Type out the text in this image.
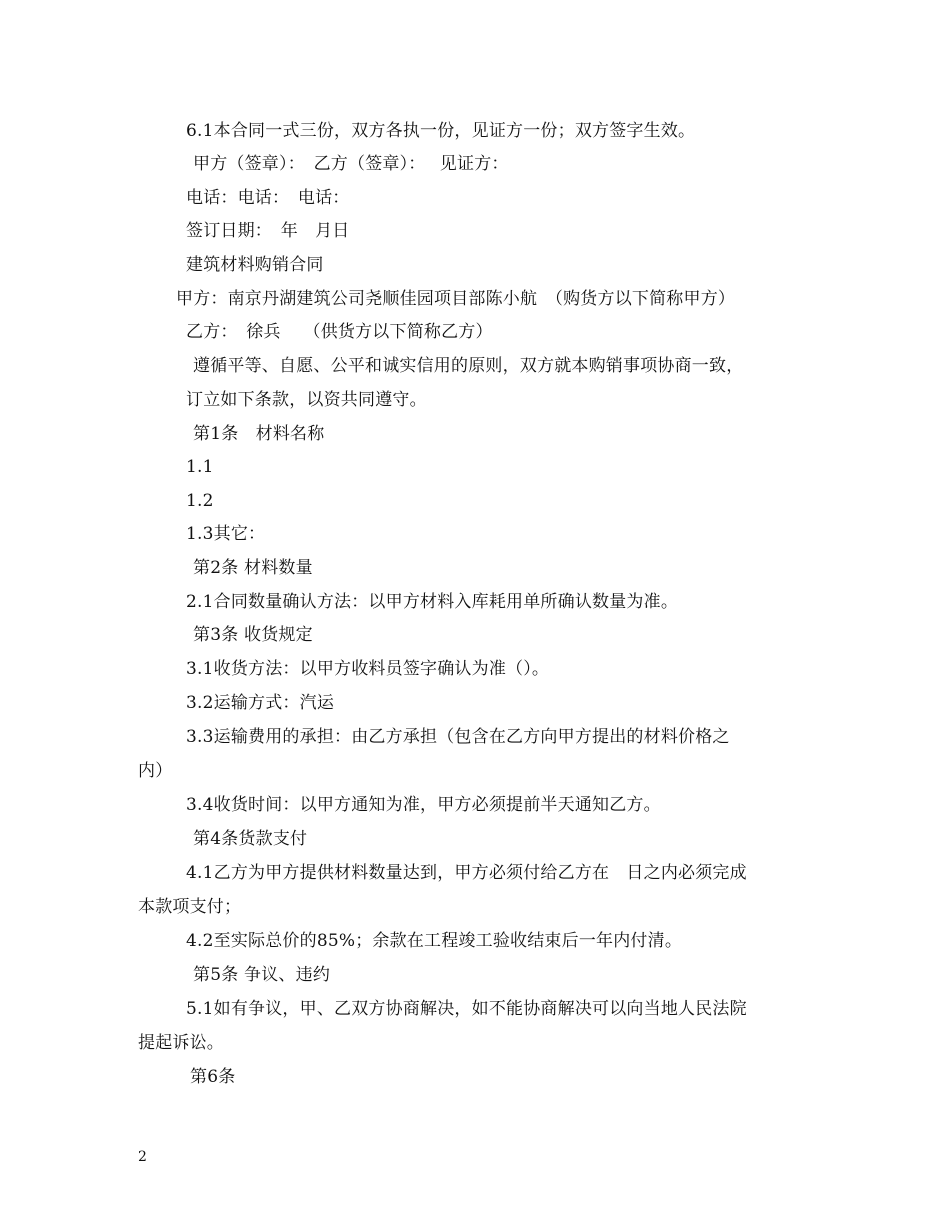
6.1本合同一式三份，双方各执一份，见证方一份；双方签字生效。
甲方（签章）：　乙方（签章）：　 见证方：
电话：电话：　电话：
签订日期：　年　月日
建筑材料购销合同
甲方：南京丹湖建筑公司尧顺佳园项目部陈小航　（购货方以下简称甲方）
乙方：　徐兵　 （供货方以下简称乙方）
遵循平等、自愿、公平和诚实信用的原则，双方就本购销事项协商一致，
订立如下条款，以资共同遵守。
第1条　材料名称
1.1
1.2
1.3其它：
第2条 材料数量
2.1合同数量确认方法：以甲方材料入库耗用单所确认数量为准。
第3条 收货规定
3.1收货方法：以甲方收料员签字确认为准（）。
3.2运输方式：汽运
3.3运输费用的承担：由乙方承担（包含在乙方向甲方提出的材料价格之
内）
3.4收货时间：以甲方通知为准，甲方必须提前半天通知乙方。
第4条货款支付
4.1乙方为甲方提供材料数量达到，甲方必须付给乙方在　日之内必须完成
本款项支付；
4.2至实际总价的85%；余款在工程竣工验收结束后一年内付清。
第5条 争议、违约
5.1如有争议，甲、乙双方协商解决，如不能协商解决可以向当地人民法院
提起诉讼。
第6条
2
